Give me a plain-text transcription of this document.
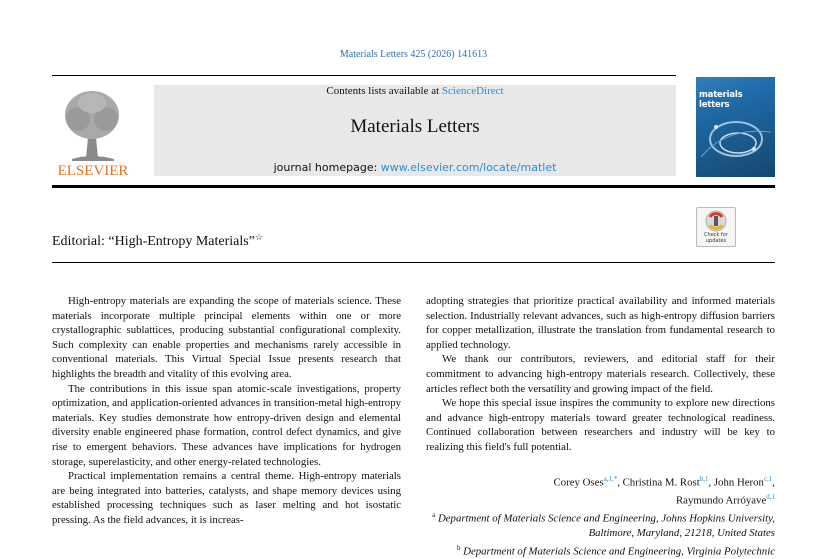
Materials Letters 425 (2026) 141613
ELSEVIER
Contents lists available at ScienceDirect
Materials Letters
journal homepage: www.elsevier.com/locate/matlet
materials letters
Check for updates
Editorial: “High-Entropy Materials”☆

High-entropy materials are expanding the scope of materials science. These materials incorporate multiple principal elements within one or more crystallographic sublattices, producing substantial configurational complexity. Such complexity can enable properties and mechanisms rarely accessible in conventional materials. This Virtual Special Issue presents research that highlights the breadth and vitality of this evolving area.

The contributions in this issue span atomic-scale investigations, property optimization, and application-oriented advances in transition-metal high-entropy materials. Key studies demonstrate how entropy-driven design and elemental diversity enable engineered phase formation, control defect dynamics, and give rise to emergent behaviors. These advances have implications for hydrogen storage, superelasticity, and other energy-related technologies.

Practical implementation remains a central theme. High-entropy materials are being integrated into batteries, catalysts, and shape memory devices using established processing techniques such as laser melting and hot isostatic pressing. As the field advances, it is increas-

adopting strategies that prioritize practical availability and informed materials selection. Industrially relevant advances, such as high-entropy diffusion barriers for copper metallization, illustrate the translation from fundamental research to applied technology.

We thank our contributors, reviewers, and editorial staff for their commitment to advancing high-entropy materials research. Collectively, these articles reflect both the versatility and growing impact of the field.

We hope this special issue inspires the community to explore new directions and advance high-entropy materials toward greater technological readiness. Continued collaboration between researchers and industry will be key to realizing this field's full potential.

Corey Oses$^{a,1,*}$, Christina M. Rost$^{b,1}$, John Heron$^{c,1}$,
Raymundo Arróyave$^{d,1}$

$^a$ Department of Materials Science and Engineering, Johns Hopkins University, Baltimore, Maryland, 21218, United States

$^b$ Department of Materials Science and Engineering, Virginia Polytechnic
